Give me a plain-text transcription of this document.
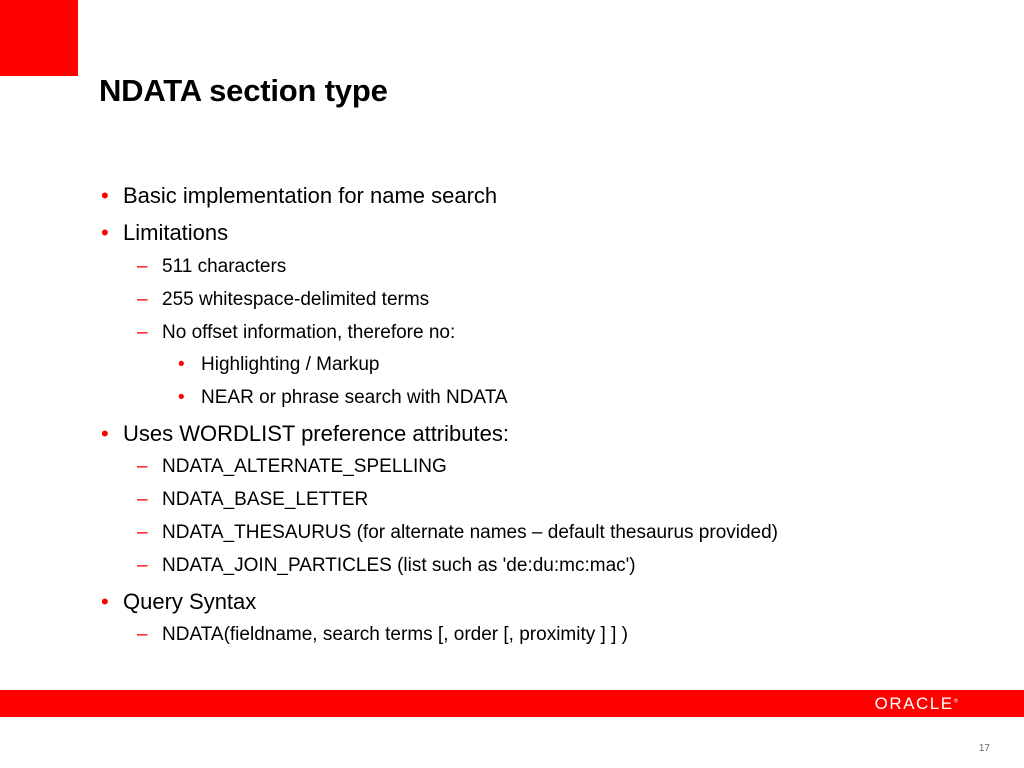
NDATA section type
• Basic implementation for name search
• Limitations
– 511 characters
– 255 whitespace-delimited terms
– No offset information, therefore no:
• Highlighting / Markup
• NEAR or phrase search with NDATA
• Uses WORDLIST preference attributes:
– NDATA_ALTERNATE_SPELLING
– NDATA_BASE_LETTER
– NDATA_THESAURUS (for alternate names – default thesaurus provided)
– NDATA_JOIN_PARTICLES (list such as 'de:du:mc:mac')
• Query Syntax
– NDATA(fieldname, search terms [, order [, proximity ] ] )
ORACLE®
17
